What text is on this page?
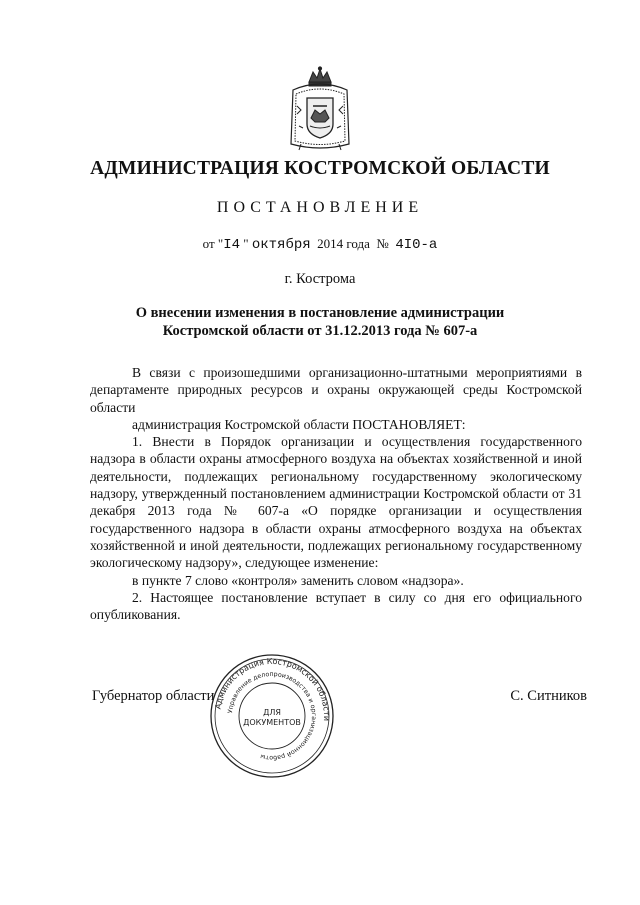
АДМИНИСТРАЦИЯ КОСТРОМСКОЙ ОБЛАСТИ
ПОСТАНОВЛЕНИЕ
от "I4 " октября  2014 года  №  4I0-а
г. Кострома
О внесении изменения в постановление администрации
Костромской области от 31.12.2013 года № 607-а

В связи с произошедшими организационно-штатными мероприятиями в департаменте природных ресурсов и охраны окружающей среды Костромской области

администрация Костромской области ПОСТАНОВЛЯЕТ:

1. Внести в Порядок организации и осуществления государственного надзора в области охраны атмосферного воздуха на объектах хозяйственной и иной деятельности, подлежащих региональному государственному экологическому надзору, утвержденный постановлением администрации Костромской области от 31 декабря 2013 года № 607-а «О порядке организации и осуществления государственного надзора в области охраны атмосферного воздуха на объектах хозяйственной и иной деятельности, подлежащих региональному государственному экологическому надзору», следующее изменение:

в пункте 7 слово «контроля» заменить словом «надзора».

2. Настоящее постановление вступает в силу со дня его официального опубликования.

Губернатор области	С. Ситников
Администрация Костромской области
Управление делопроизводства и организационной работы
ДЛЯ
ДОКУМЕНТОВ
